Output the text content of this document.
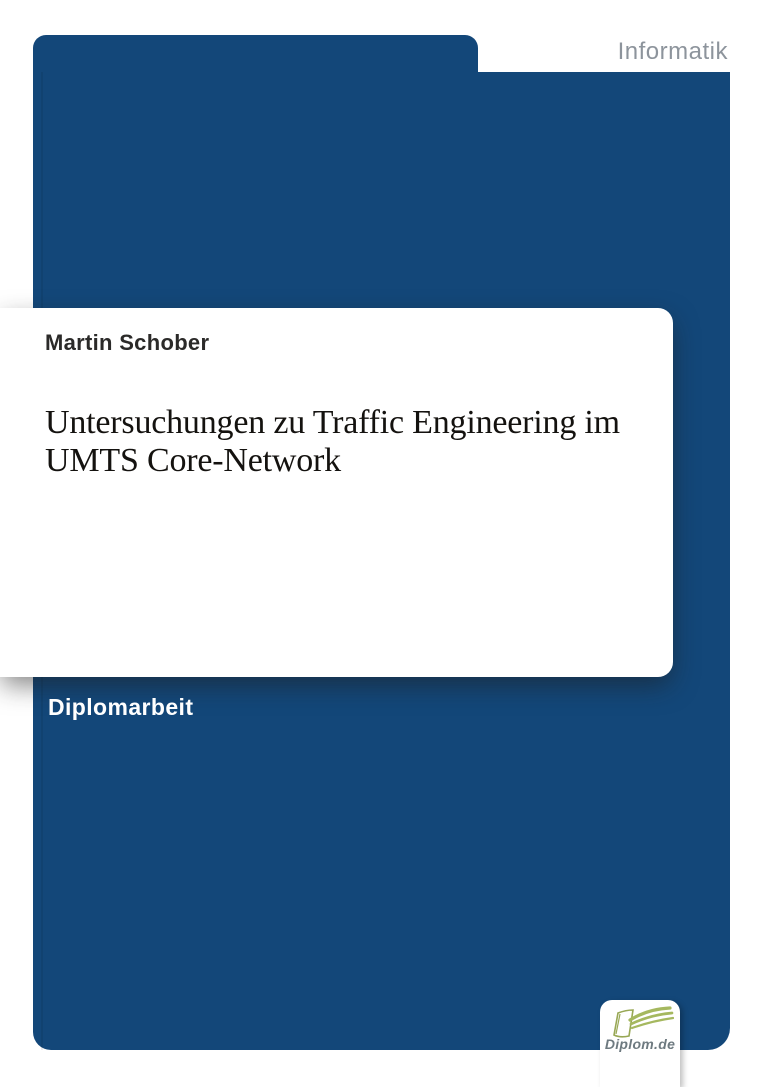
Informatik
Martin Schober
Untersuchungen zu Traffic Engineering im
UMTS Core-Network
Diplomarbeit
Diplom.de
